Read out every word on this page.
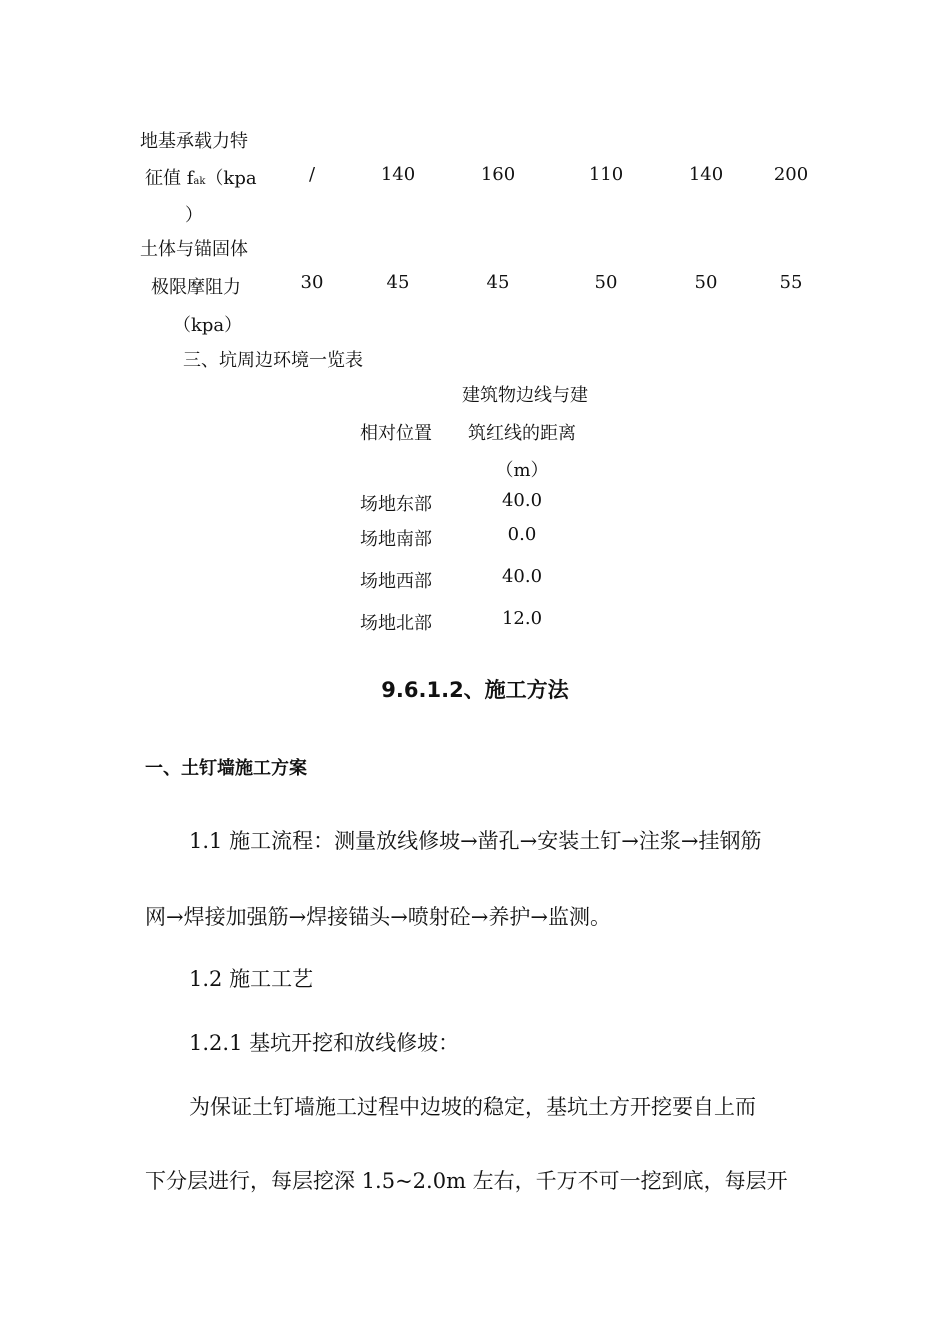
地基承载力特
征值 fak（kpa
）
/	140	160	110	140	200
土体与锚固体
极限摩阻力
（kpa）
30	45	45	50	50	55
三、坑周边环境一览表
建筑物边线与建
相对位置	筑红线的距离
（m）
场地东部	40.0
场地南部	0.0
场地西部	40.0
场地北部	12.0
9.6.1.2、施工方法
一、土钉墙施工方案
1.1 施工流程：测量放线修坡→凿孔→安装土钉→注浆→挂钢筋
网→焊接加强筋→焊接锚头→喷射砼→养护→监测。
1.2 施工工艺
1.2.1 基坑开挖和放线修坡：
为保证土钉墙施工过程中边坡的稳定，基坑土方开挖要自上而
下分层进行，每层挖深 1.5~2.0m 左右，千万不可一挖到底，每层开
